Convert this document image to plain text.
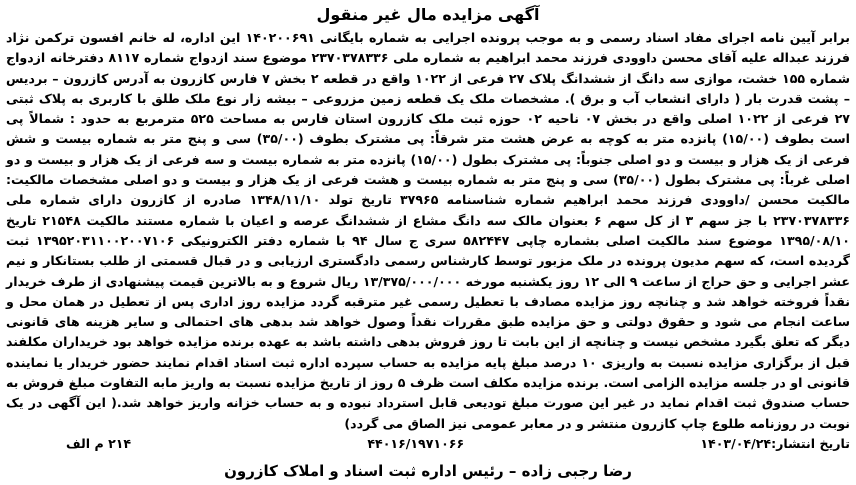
آگهی مزایده مال غیر منقول

برابر آیین نامه اجرای مفاد اسناد رسمی و به موجب پرونده اجرایی به شماره بایگانی ۱۴۰۲۰۰۶۹۱ این اداره، له خانم افسون ترکمن نژاد فرزند عبداله علیه آقای محسن داوودی فرزند محمد ابراهیم به شماره ملی ۲۳۷۰۳۷۸۳۳۶ موضوع سند ازدواج شماره ۸۱۱۷ دفترخانه ازدواج شماره ۱۵۵ خشت، موازی سه دانگ از ششدانگ پلاک ۲۷ فرعی از ۱۰۲۲ واقع در قطعه ۲ بخش ۷ فارس کازرون به آدرس کازرون – بردیس – پشت قدرت بار ( دارای انشعاب آب و برق ). مشخصات ملک یک قطعه زمین مزروعی – بیشه زار نوع ملک طلق با کاربری به پلاک ثبتی ۲۷ فرعی از ۱۰۲۲ اصلی واقع در بخش ۰۷ ناحیه ۰۲ حوزه ثبت ملک کازرون استان فارس به مساحت ۵۲۵ مترمربع به حدود : شمالاً پی است بطوف (۱۵/۰۰) پانزده متر به کوچه به عرض هشت متر شرقاً: پی مشترک بطوف (۳۵/۰۰) سی و پنج متر به شماره بیست و شش فرعی از یک هزار و بیست و دو اصلی جنوباً: پی مشترک بطول (۱۵/۰۰) پانزده متر به شماره بیست و سه فرعی از یک هزار و بیست و دو اصلی غرباً: پی مشترک بطول (۳۵/۰۰) سی و پنج متر به شماره بیست و هشت فرعی از یک هزار و بیست و دو اصلی مشخصات مالکیت: مالکیت محسن /داوودی فرزند محمد ابراهیم شماره شناسنامه ۳۷۹۶۵ تاریخ تولد ۱۳۴۸/۱۱/۱۰ صادره از کازرون دارای شماره ملی ۲۳۷۰۳۷۸۳۳۶ با جز سهم ۳ از کل سهم ۶ بعنوان مالک سه دانگ مشاع از ششدانگ عرصه و اعیان با شماره مستند مالکیت ۲۱۵۴۸ تاریخ ۱۳۹۵/۰۸/۱۰ موضوع سند مالکیت اصلی بشماره چاپی ۵۸۲۴۴۷ سری ج سال ۹۴ با شماره دفتر الکترونیکی ۱۳۹۵۲۰۳۱۱۰۰۲۰۰۷۱۰۶ ثبت گردیده است، که سهم مدیون پرونده در ملک مزبور توسط کارشناس رسمی دادگستری ارزیابی و در قبال قسمتی از طلب بستانکار و نیم عشر اجرایی و حق حراج از ساعت ۹ الی ۱۲ روز یکشنبه مورخه ۱۳/۳۷۵/۰۰۰/۰۰۰ ریال شروع و به بالاترین قیمت پیشنهادی از طرف خریدار نقداً فروخته خواهد شد و چنانچه روز مزایده مصادف با تعطیل رسمی غیر مترقبه گردد مزایده روز اداری پس از تعطیل در همان محل و ساعت انجام می شود و حقوق دولتی و حق مزایده طبق مقررات نقداً وصول خواهد شد بدهی های احتمالی و سایر هزینه های قانونی دیگر که تعلق بگیرد مشخص نیست و چنانچه از این بابت تا روز فروش بدهی داشته باشد به عهده برنده مزایده خواهد بود خریداران مکلفند قبل از برگزاری مزایده نسبت به واریزی ۱۰ درصد مبلغ پایه مزایده به حساب سپرده اداره ثبت اسناد اقدام نمایند حضور خریدار یا نماینده قانونی او در جلسه مزایده الزامی است. برنده مزایده مکلف است ظرف ۵ روز از تاریخ مزایده نسبت به واریز مابه التفاوت مبلغ فروش به حساب صندوق ثبت اقدام نماید در غیر این صورت مبلغ تودیعی قابل استرداد نبوده و به حساب خزانه واریز خواهد شد.( این آگهی در یک نوبت در روزنامه طلوع چاپ کازرون منتشر و در معابر عمومی نیز الصاق می گردد)

تاریخ انتشار:۱۴۰۳/۰۴/۲۴
۴۴۰۱۶/۱۹۷۱۰۶۶
۲۱۴ م الف
رضا رجبی زاده – رئیس اداره ثبت اسناد و املاک کازرون
